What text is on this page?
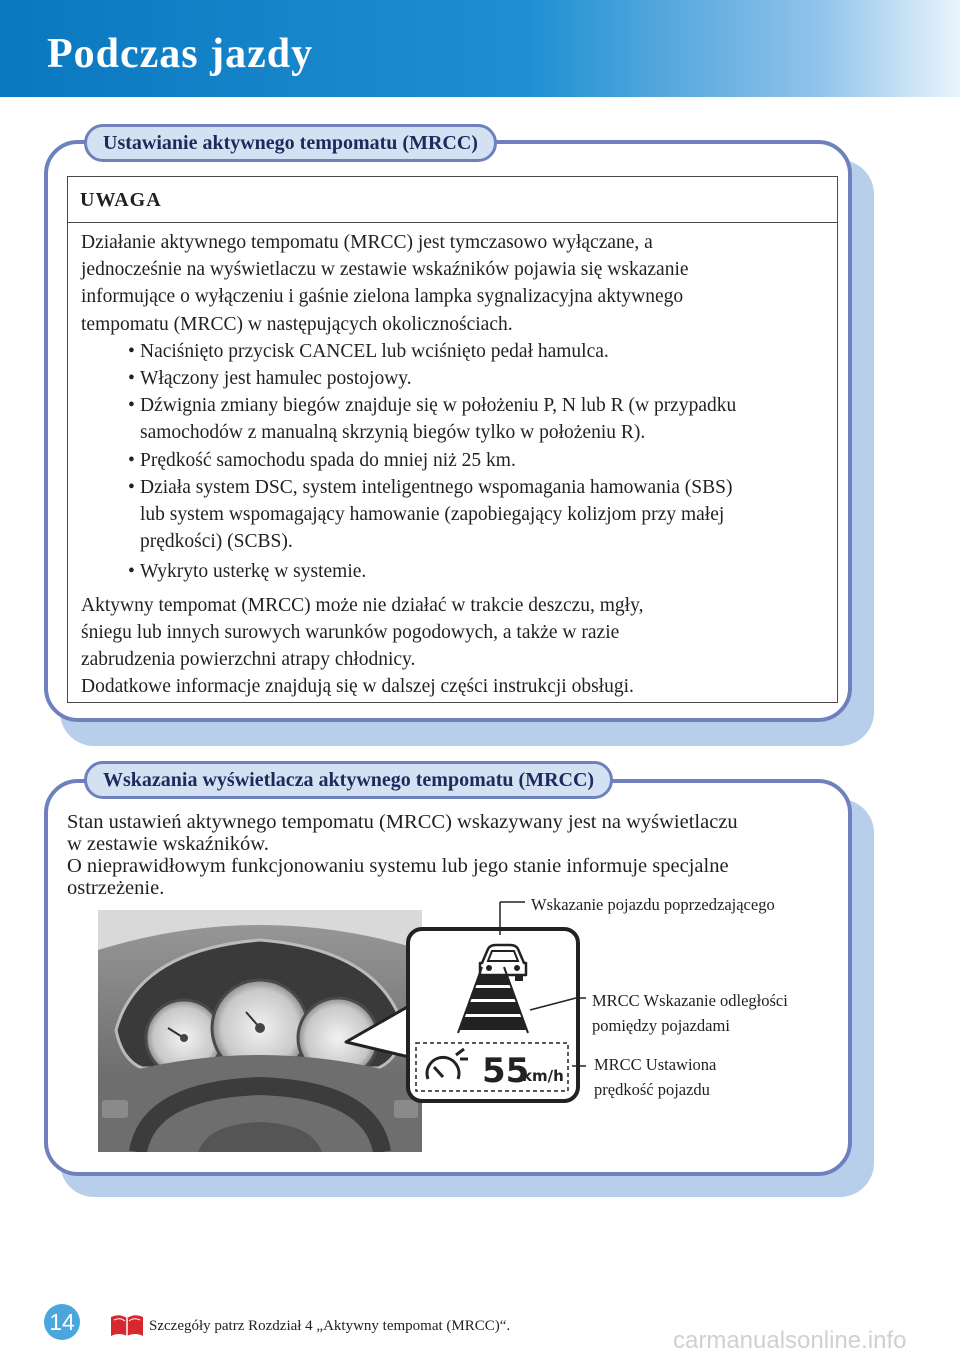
Podczas jazdy
Ustawianie aktywnego tempomatu (MRCC)
UWAGA

Działanie aktywnego tempomatu (MRCC) jest tymczasowo wyłączane, a

jednocześnie na wyświetlaczu w zestawie wskaźników pojawia się wskazanie

informujące o wyłączeniu i gaśnie zielona lampka sygnalizacyjna aktywnego

tempomatu (MRCC) w następujących okolicznościach.

• Naciśnięto przycisk CANCEL lub wciśnięto pedał hamulca.
• Włączony jest hamulec postojowy.
• Dźwignia zmiany biegów znajduje się w położeniu P, N lub R (w przypadku
samochodów z manualną skrzynią biegów tylko w położeniu R).
• Prędkość samochodu spada do mniej niż 25 km.
• Działa system DSC, system inteligentnego wspomagania hamowania (SBS)
lub system wspomagający hamowanie (zapobiegający kolizjom przy małej
prędkości) (SCBS).
• Wykryto usterkę w systemie.

Aktywny tempomat (MRCC) może nie działać w trakcie deszczu, mgły,

śniegu lub innych surowych warunków pogodowych, a także w razie

zabrudzenia powierzchni atrapy chłodnicy.

Dodatkowe informacje znajdują się w dalszej części instrukcji obsługi.

Wskazania wyświetlacza aktywnego tempomatu (MRCC)

Stan ustawień aktywnego tempomatu (MRCC) wskazywany jest na wyświetlaczu

w zestawie wskaźników.

O nieprawidłowym funkcjonowaniu systemu lub jego stanie informuje specjalne

ostrzeżenie.

55
km/h
Wskazanie pojazdu poprzedzającego
MRCC Wskazanie odległości
pomiędzy pojazdami
MRCC Ustawiona
prędkość pojazdu
14	Szczegóły patrz Rozdział 4 „Aktywny tempomat (MRCC)“.
carmanualsonline.info
